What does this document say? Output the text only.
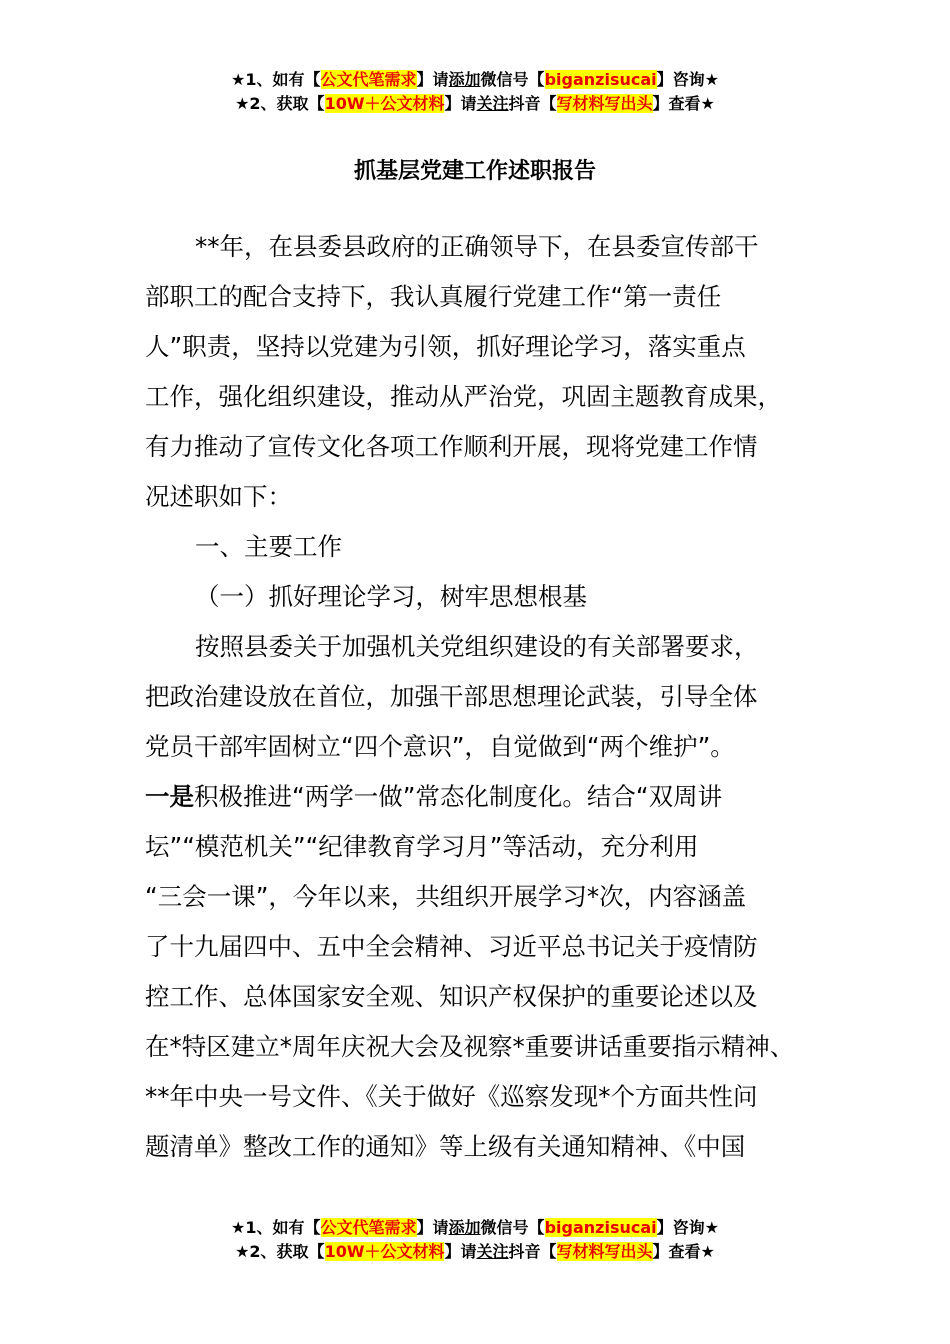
★1、如有【公文代笔需求】请添加微信号【biganzisucai】咨询★
★2、获取【10W＋公文材料】请关注抖音【写材料写出头】查看★
抓基层党建工作述职报告
**年，在县委县政府的正确领导下，在县委宣传部干
部职工的配合支持下，我认真履行党建工作“第一责任
人”职责，坚持以党建为引领，抓好理论学习，落实重点
工作，强化组织建设，推动从严治党，巩固主题教育成果，
有力推动了宣传文化各项工作顺利开展，现将党建工作情
况述职如下：
一、主要工作
（一）抓好理论学习，树牢思想根基
按照县委关于加强机关党组织建设的有关部署要求，
把政治建设放在首位，加强干部思想理论武装，引导全体
党员干部牢固树立“四个意识”，自觉做到“两个维护”。
一是积极推进“两学一做”常态化制度化。结合“双周讲
坛”“模范机关”“纪律教育学习月”等活动，充分利用
“三会一课”，今年以来，共组织开展学习*次，内容涵盖
了十九届四中、五中全会精神、习近平总书记关于疫情防
控工作、总体国家安全观、知识产权保护的重要论述以及
在*特区建立*周年庆祝大会及视察*重要讲话重要指示精神、
**年中央一号文件、《关于做好《巡察发现*个方面共性问
题清单》整改工作的通知》等上级有关通知精神、《中国
★1、如有【公文代笔需求】请添加微信号【biganzisucai】咨询★
★2、获取【10W＋公文材料】请关注抖音【写材料写出头】查看★
